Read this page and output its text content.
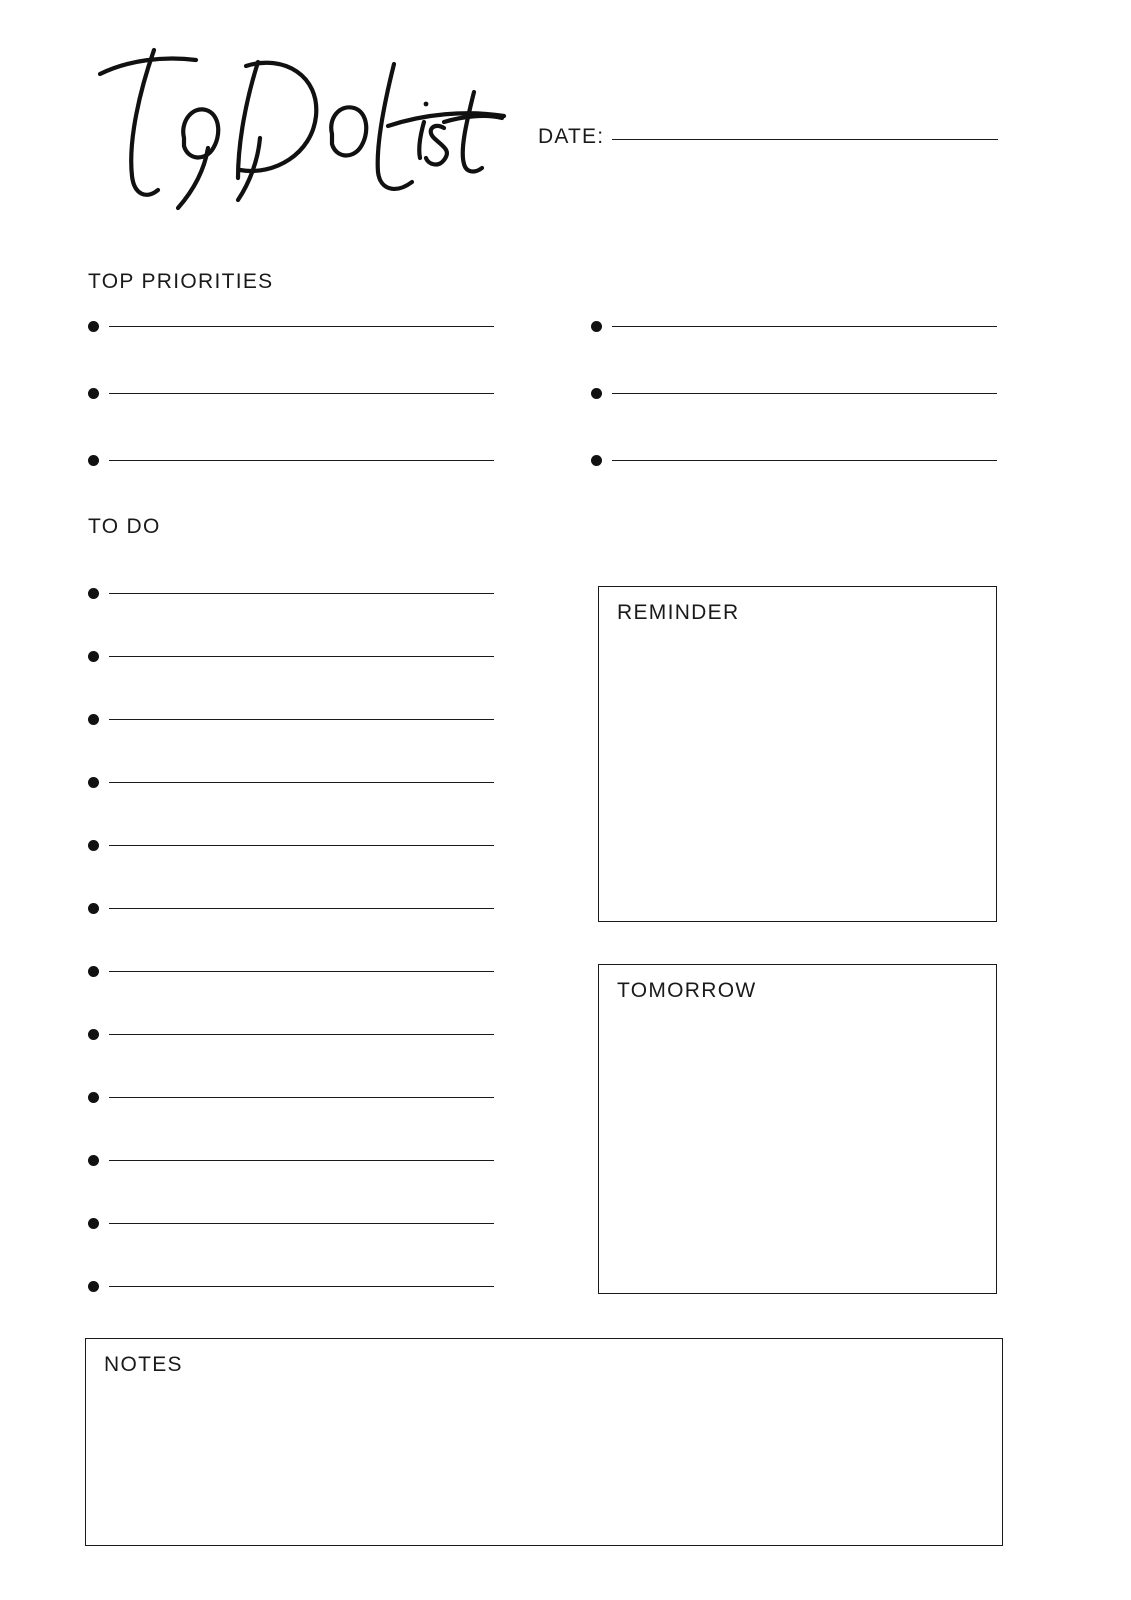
DATE:
TOP PRIORITIES
TO DO
REMINDER
TOMORROW
NOTES
